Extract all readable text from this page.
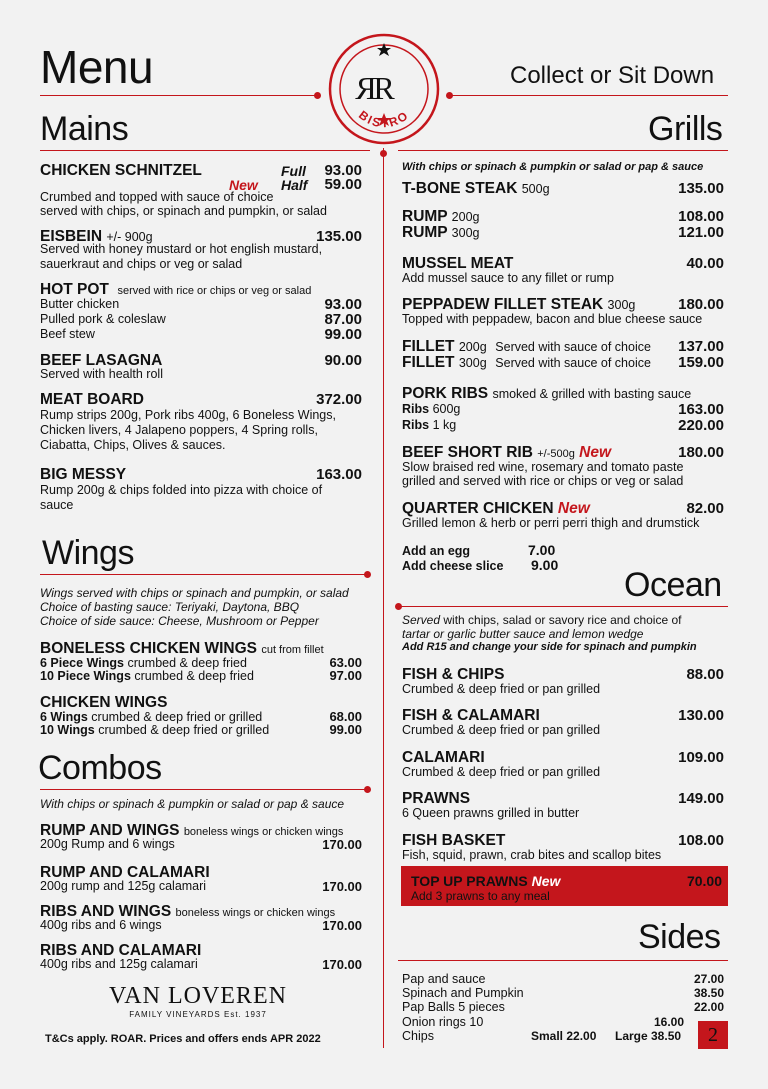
Menu	Collect or Sit Down
R
R
BISTRO
Mains
CHICKEN SCHNITZEL	Full 93.00
New Half 59.00
Crumbed and topped with sauce of choice
served with chips, or spinach and pumpkin, or salad
EISBEIN +/- 900g	135.00
Served with honey mustard or hot english mustard,
sauerkraut and chips or veg or salad
HOT POT served with rice or chips or veg or salad
Butter chicken	93.00
Pulled pork & coleslaw	87.00
Beef stew	99.00
BEEF LASAGNA	90.00
Served with health roll
MEAT BOARD	372.00
Rump strips 200g, Pork ribs 400g, 6 Boneless Wings,
Chicken livers, 4 Jalapeno poppers, 4 Spring rolls,
Ciabatta, Chips, Olives & sauces.
BIG MESSY	163.00
Rump 200g & chips folded into pizza with choice of
sauce
Wings
Wings served with chips or spinach and pumpkin, or salad
Choice of basting sauce: Teriyaki, Daytona, BBQ
Choice of side sauce: Cheese, Mushroom or Pepper
BONELESS CHICKEN WINGS cut from fillet
6 Piece Wings crumbed & deep fried	63.00
10 Piece Wings crumbed & deep fried	97.00
CHICKEN WINGS
6 Wings crumbed & deep fried or grilled	68.00
10 Wings crumbed & deep fried or grilled	99.00
Combos
With chips or spinach & pumpkin or salad or pap & sauce
RUMP AND WINGS boneless wings or chicken wings
200g Rump and 6 wings	170.00
RUMP AND CALAMARI
200g rump and 125g calamari	170.00
RIBS AND WINGS boneless wings or chicken wings
400g ribs and 6 wings	170.00
RIBS AND CALAMARI
400g ribs and 125g calamari	170.00
VAN LOVEREN
FAMILY VINEYARDS Est. 1937
T&Cs apply. ROAR. Prices and offers ends APR 2022
Grills
With chips or spinach & pumpkin or salad or pap & sauce
T-BONE STEAK 500g	135.00
RUMP 200g	108.00
RUMP 300g	121.00
MUSSEL MEAT	40.00
Add mussel sauce to any fillet or rump
PEPPADEW FILLET STEAK 300g	180.00
Topped with peppadew, bacon and blue cheese sauce
FILLET 200g Served with sauce of choice 137.00
FILLET 300g Served with sauce of choice 159.00
PORK RIBS smoked & grilled with basting sauce
Ribs 600g	163.00
Ribs 1 kg	220.00
BEEF SHORT RIB +/-500g New	180.00
Slow braised red wine, rosemary and tomato paste
grilled and served with rice or chips or veg or salad
QUARTER CHICKEN New	82.00
Grilled lemon & herb or perri perri thigh and drumstick
Add an egg	7.00
Add cheese slice 9.00
Ocean
Served with chips, salad or savory rice and choice of
tartar or garlic butter sauce and lemon wedge
Add R15 and change your side for spinach and pumpkin
FISH & CHIPS	88.00
Crumbed & deep fried or pan grilled
FISH & CALAMARI	130.00
Crumbed & deep fried or pan grilled
CALAMARI	109.00
Crumbed & deep fried or pan grilled
PRAWNS	149.00
6 Queen prawns grilled in butter
FISH BASKET	108.00
Fish, squid, prawn, crab bites and scallop bites
TOP UP PRAWNS New	70.00
Add 3 prawns to any meal
Sides
Pap and sauce	27.00
Spinach and Pumpkin	38.50
Pap Balls 5 pieces	22.00
Onion rings 10	16.00
Chips	Small 22.00 Large 38.50	2
